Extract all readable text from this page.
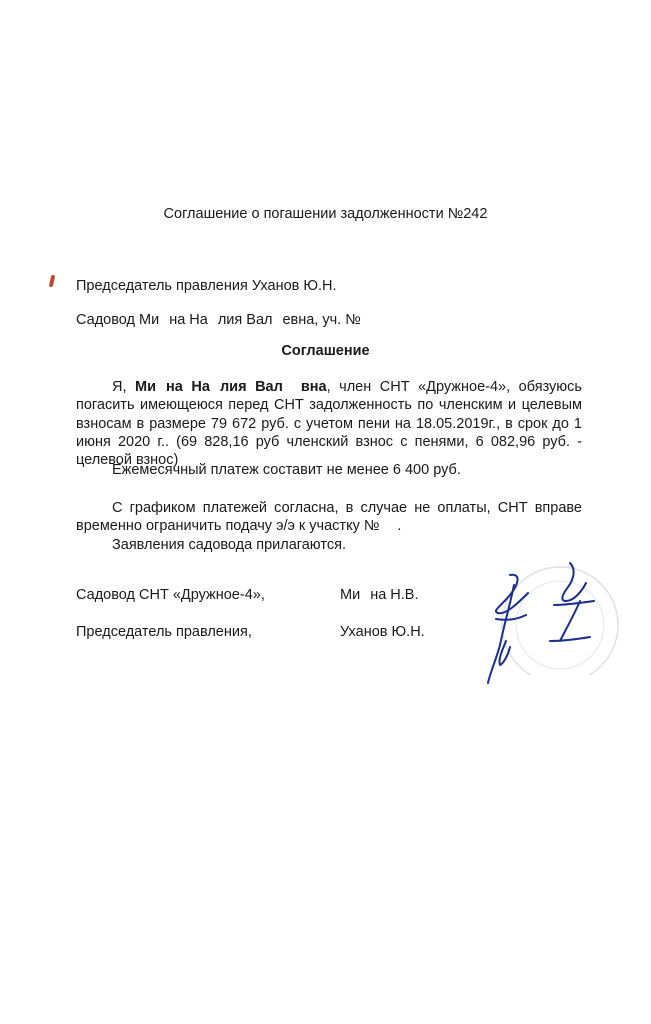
Соглашение о погашении задолженности №242
Председатель правления Уханов Ю.Н.
Садовод Ми на На лия Вал евна, уч. №
Соглашение
Я, Ми на На лия Вал вна, член СНТ «Дружное-4», обязуюсь погасить имеющеюся перед СНТ задолженность по членским и целевым взносам в размере 79 672 руб. с учетом пени на 18.05.2019г., в срок до 1 июня 2020 г.. (69 828,16 руб членский взнос с пенями, 6 082,96 руб. - целевой взнос)
Ежемесячный платеж составит не менее 6 400 руб.
С графиком платежей согласна, в случае не оплаты, СНТ вправе временно ограничить подачу э/э к участку № .
Заявления садовода прилагаются.
Садовод СНТ «Дружное-4»,	Ми на Н.В.
Председатель правления,	Уханов Ю.Н.
